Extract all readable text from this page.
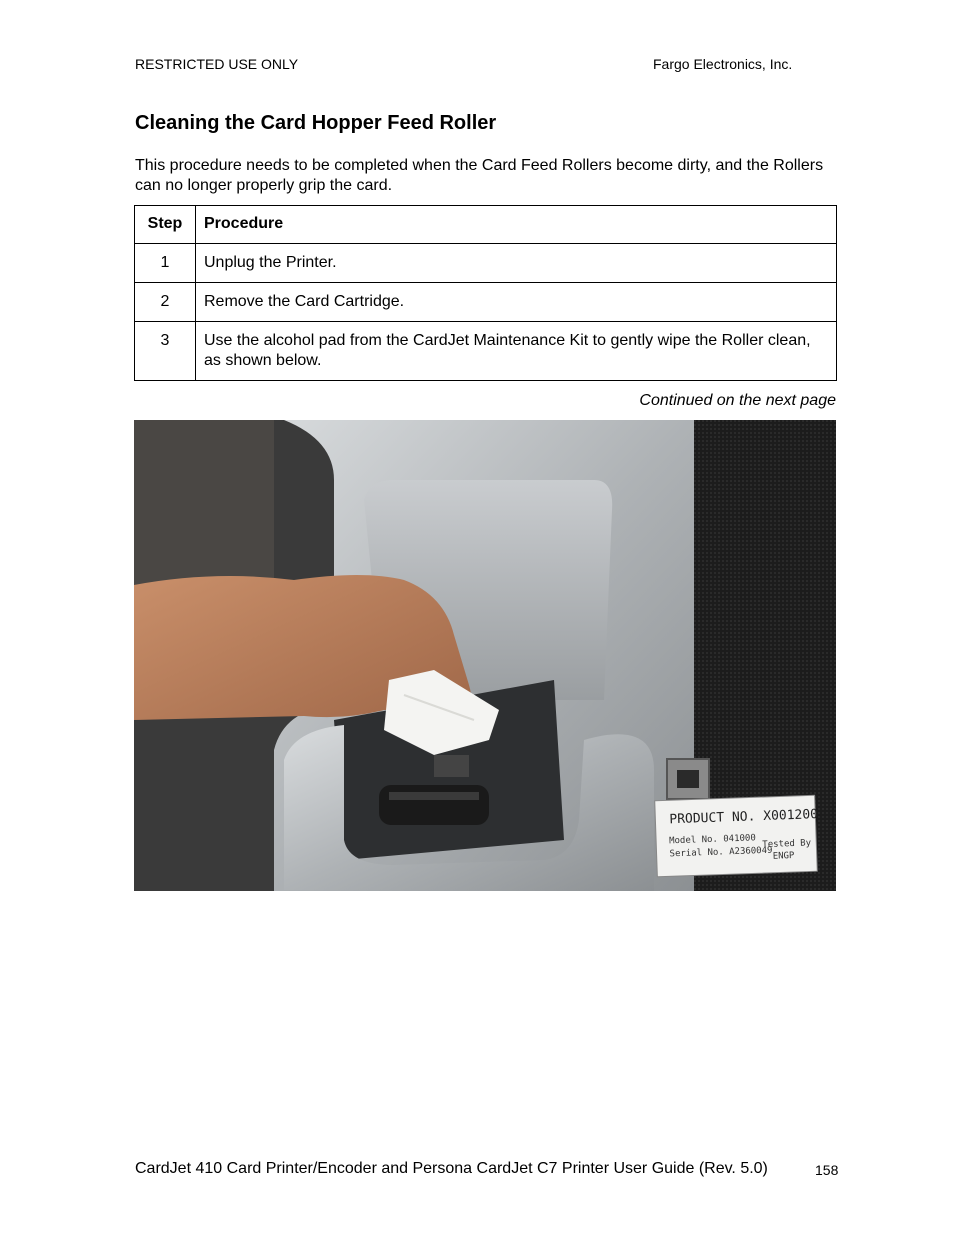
RESTRICTED USE ONLY	Fargo Electronics, Inc.
Cleaning the Card Hopper Feed Roller

This procedure needs to be completed when the Card Feed Rollers become dirty, and the Rollers can no longer properly grip the card.

Step	Procedure
1	Unplug the Printer.
2	Remove the Card Cartridge.
3	Use the alcohol pad from the CardJet Maintenance Kit to gently wipe the Roller clean, as shown below.
Continued on the next page
PRODUCT NO. X001200
Model No. 041000
Serial No. A2360049
Tested By
ENGP
CardJet 410 Card Printer/Encoder and Persona CardJet C7 Printer User Guide (Rev. 5.0)	158
